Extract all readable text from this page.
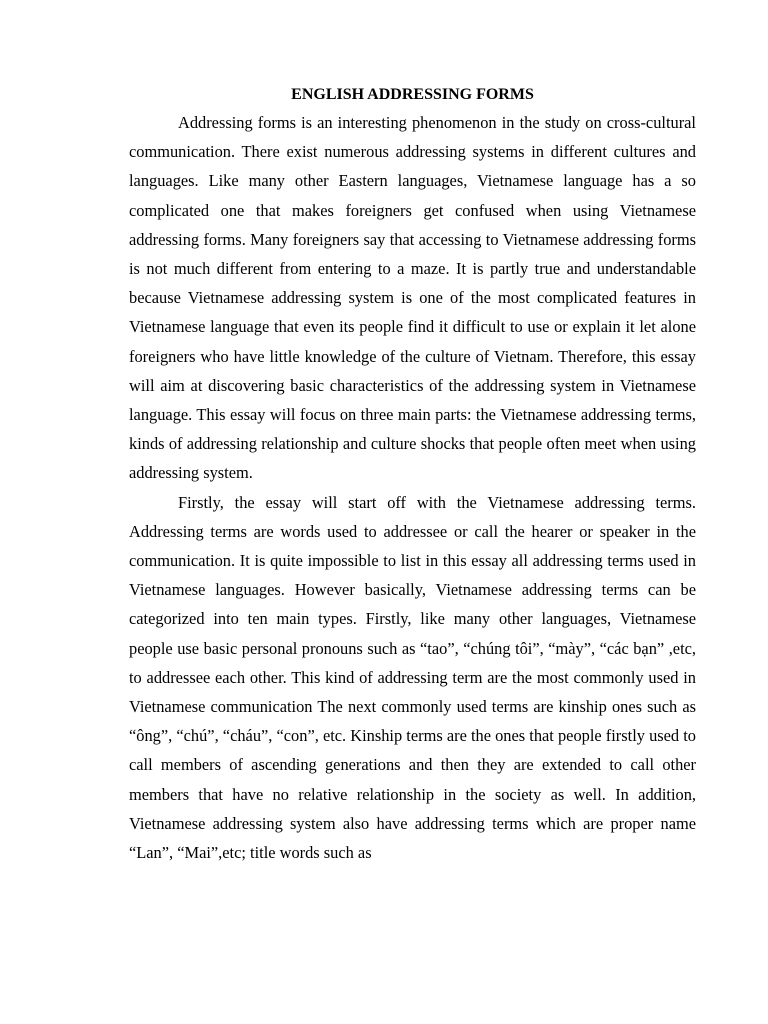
ENGLISH ADDRESSING FORMS

Addressing forms is an interesting phenomenon in the study on cross-cultural communication. There exist numerous addressing systems in different cultures and languages. Like many other Eastern languages, Vietnamese language has a so complicated one that makes foreigners get confused when using Vietnamese addressing forms. Many foreigners say that accessing to Vietnamese addressing forms is not much different from entering to a maze. It is partly true and understandable because Vietnamese addressing system is one of the most complicated features in Vietnamese language that even its people find it difficult to use or explain it let alone foreigners who have little knowledge of the culture of Vietnam. Therefore, this essay will aim at discovering basic characteristics of the addressing system in Vietnamese language. This essay will focus on three main parts: the Vietnamese addressing terms, kinds of addressing relationship and culture shocks that people often meet when using addressing system.

Firstly, the essay will start off with the Vietnamese addressing terms. Addressing terms are words used to addressee or call the hearer or speaker in the communication. It is quite impossible to list in this essay all addressing terms used in Vietnamese languages. However basically, Vietnamese addressing terms can be categorized into ten main types. Firstly, like many other languages, Vietnamese people use basic personal pronouns such as “tao”, “chúng tôi”, “mày”, “các bạn” ,etc, to addressee each other. This kind of addressing term are the most commonly used in Vietnamese communication The next commonly used terms are kinship ones such as “ông”, “chú”, “cháu”, “con”, etc. Kinship terms are the ones that people firstly used to call members of ascending generations and then they are extended to call other members that have no relative relationship in the society as well. In addition, Vietnamese addressing system also have addressing terms which are proper name “Lan”, “Mai”,etc; title words such as
